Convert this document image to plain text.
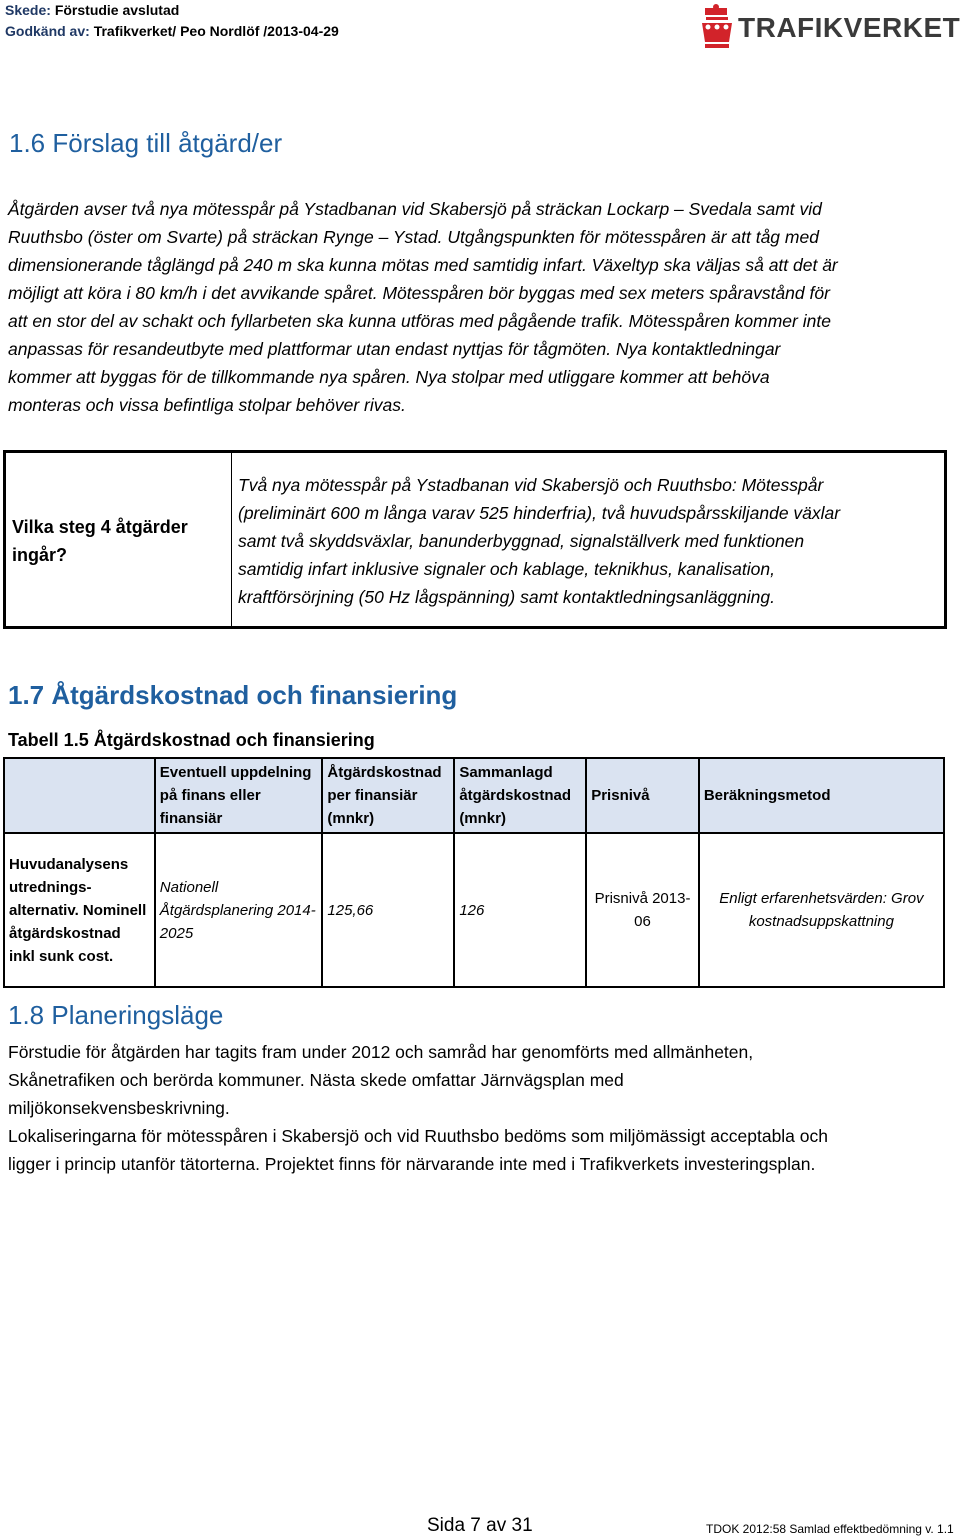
Skede: Förstudie avslutad
Godkänd av: Trafikverket/ Peo Nordlöf /2013-04-29	TRAFIKVERKET
1.6 Förslag till åtgärd/er

Åtgärden avser två nya mötesspår på Ystadbanan vid Skabersjö på sträckan Lockarp – Svedala samt vid

Ruuthsbo (öster om Svarte) på sträckan Rynge – Ystad. Utgångspunkten för mötesspåren är att tåg med

dimensionerande tåglängd på 240 m ska kunna mötas med samtidig infart. Växeltyp ska väljas så att det är

möjligt att köra i 80 km/h i det avvikande spåret. Mötesspåren bör byggas med sex meters spåravstånd för

att en stor del av schakt och fyllarbeten ska kunna utföras med pågående trafik. Mötesspåren kommer inte

anpassas för resandeutbyte med plattformar utan endast nyttjas för tågmöten. Nya kontaktledningar

kommer att byggas för de tillkommande nya spåren. Nya stolpar med utliggare kommer att behöva

monteras och vissa befintliga stolpar behöver rivas.

Vilka steg 4 åtgärder ingår?
Två nya mötesspår på Ystadbanan vid Skabersjö och Ruuthsbo: Mötesspår
(preliminärt 600 m långa varav 525 hinderfria), två huvudspårsskiljande växlar
samt två skyddsväxlar, banunderbyggnad, signalställverk med funktionen
samtidig infart inklusive signaler och kablage, teknikhus, kanalisation,
kraftförsörjning (50 Hz lågspänning) samt kontaktledningsanläggning.
1.7 Åtgärdskostnad och finansiering
Tabell 1.5 Åtgärdskostnad och finansiering
	Eventuell uppdelning på finans eller finansiär	Åtgärdskostnad per finansiär (mnkr)	Sammanlagd åtgärdskostnad (mnkr)	Prisnivå	Beräkningsmetod
Huvudanalysens utrednings-alternativ. Nominell åtgärdskostnad inkl sunk cost.	Nationell Åtgärdsplanering 2014-2025	125,66	126	Prisnivå 2013-06	Enligt erfarenhetsvärden: Grov kostnadsuppskattning
1.8 Planeringsläge
Förstudie för åtgärden har tagits fram under 2012 och samråd har genomförts med allmänheten,
Skånetrafiken och berörda kommuner. Nästa skede omfattar Järnvägsplan med
miljökonsekvensbeskrivning.
Lokaliseringarna för mötesspåren i Skabersjö och vid Ruuthsbo bedöms som miljömässigt acceptabla och
ligger i princip utanför tätorterna. Projektet finns för närvarande inte med i Trafikverkets investeringsplan.
Sida 7 av 31	TDOK 2012:58 Samlad effektbedömning v. 1.1
